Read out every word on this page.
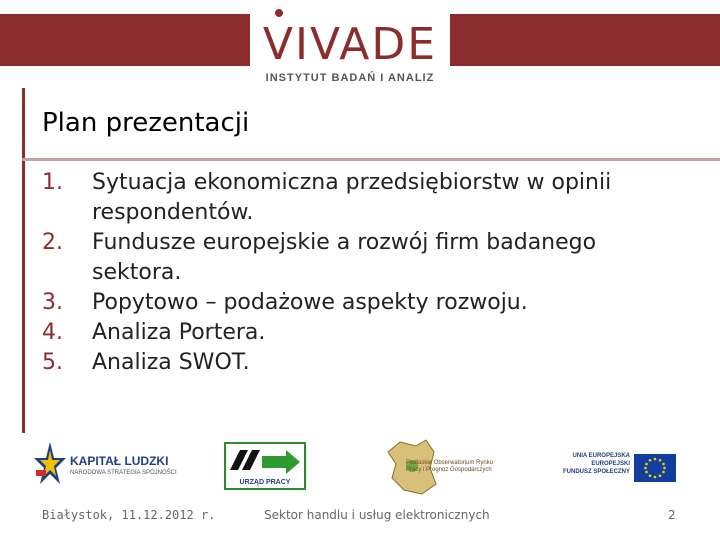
VIVADE
INSTYTUT BADAŃ I ANALIZ
Plan prezentacji
1. Sytuacja ekonomiczna przedsiębiorstw w opinii respondentów.
2. Fundusze europejskie a rozwój firm badanego sektora.
3. Popytowo – podażowe aspekty rozwoju.
4. Analiza Portera.
5. Analiza SWOT.
KAPITAŁ LUDZKI
NARODOWA STRATEGIA SPÓJNOŚCI
URZĄD PRACY
Podlaskie Obserwatorium Rynku Pracy i Prognoz Gospodarczych
UNIA EUROPEJSKA
EUROPEJSKI
FUNDUSZ SPOŁECZNY
Białystok, 11.12.2012 r.	Sektor handlu i usług elektronicznych	2
